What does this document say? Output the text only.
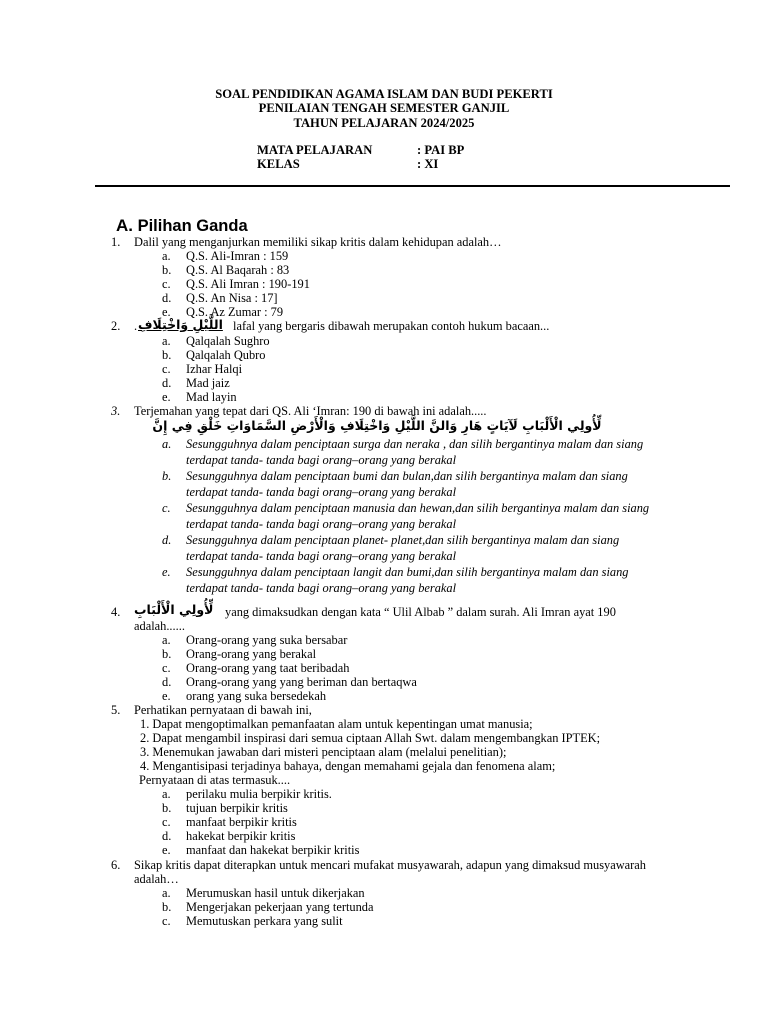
SOAL PENDIDIKAN AGAMA ISLAM DAN BUDI PEKERTI
PENILAIAN TENGAH SEMESTER GANJIL
TAHUN PELAJARAN 2024/2025
MATA PELAJARAN	: PAI BP
KELAS	: XI
A. Pilihan Ganda
1. Dalil yang menganjurkan memiliki sikap kritis dalam kehidupan adalah…
a. Q.S. Ali-Imran : 159
b. Q.S. Al Baqarah : 83
c. Q.S. Ali Imran : 190-191
d. Q.S. An Nisa : 17]
e. Q.S. Az Zumar : 79
2. . اللَّيْلِ وَاخْتِلَافِ lafal yang bergaris dibawah merupakan contoh hukum bacaan...
a. Qalqalah Sughro
b. Qalqalah Qubro
c. Izhar Halqi
d. Mad jaiz
e. Mad layin
3. Terjemahan yang tepat dari QS. Ali ‘Imran: 190 di bawah ini adalah.....
لِّأُولِي الْأَلْبَابِ لَآيَاتٍ هَارِ وَالنَّ اللَّيْلِ وَاخْتِلَافِ وَالْأَرْضِ السَّمَاوَاتِ خَلْقِ فِي إِنَّ
a. Sesungguhnya dalam penciptaan surga dan neraka , dan silih bergantinya malam dan siang
terdapat tanda- tanda bagi orang–orang yang berakal
b. Sesungguhnya dalam penciptaan bumi dan bulan,dan silih bergantinya malam dan siang
terdapat tanda- tanda bagi orang–orang yang berakal
c. Sesungguhnya dalam penciptaan manusia dan hewan,dan silih bergantinya malam dan siang
terdapat tanda- tanda bagi orang–orang yang berakal
d. Sesungguhnya dalam penciptaan planet- planet,dan silih bergantinya malam dan siang
terdapat tanda- tanda bagi orang–orang yang berakal
e. Sesungguhnya dalam penciptaan langit dan bumi,dan silih bergantinya malam dan siang
terdapat tanda- tanda bagi orang–orang yang berakal
4. لِّأُولِي الْأَلْبَابِ yang dimaksudkan dengan kata “ Ulil Albab ” dalam surah. Ali Imran ayat 190
adalah......
a. Orang-orang yang suka bersabar
b. Orang-orang yang berakal
c. Orang-orang yang taat beribadah
d. Orang-orang yang yang beriman dan bertaqwa
e. orang yang suka bersedekah
5. Perhatikan pernyataan di bawah ini,
1. Dapat mengoptimalkan pemanfaatan alam untuk kepentingan umat manusia;
2. Dapat mengambil inspirasi dari semua ciptaan Allah Swt. dalam mengembangkan IPTEK;
3. Menemukan jawaban dari misteri penciptaan alam (melalui penelitian);
4. Mengantisipasi terjadinya bahaya, dengan memahami gejala dan fenomena alam;
Pernyataan di atas termasuk....
a. perilaku mulia berpikir kritis.
b. tujuan berpikir kritis
c. manfaat berpikir kritis
d. hakekat berpikir kritis
e. manfaat dan hakekat berpikir kritis
6. Sikap kritis dapat diterapkan untuk mencari mufakat musyawarah, adapun yang dimaksud musyawarah
adalah…
a. Merumuskan hasil untuk dikerjakan
b. Mengerjakan pekerjaan yang tertunda
c. Memutuskan perkara yang sulit
